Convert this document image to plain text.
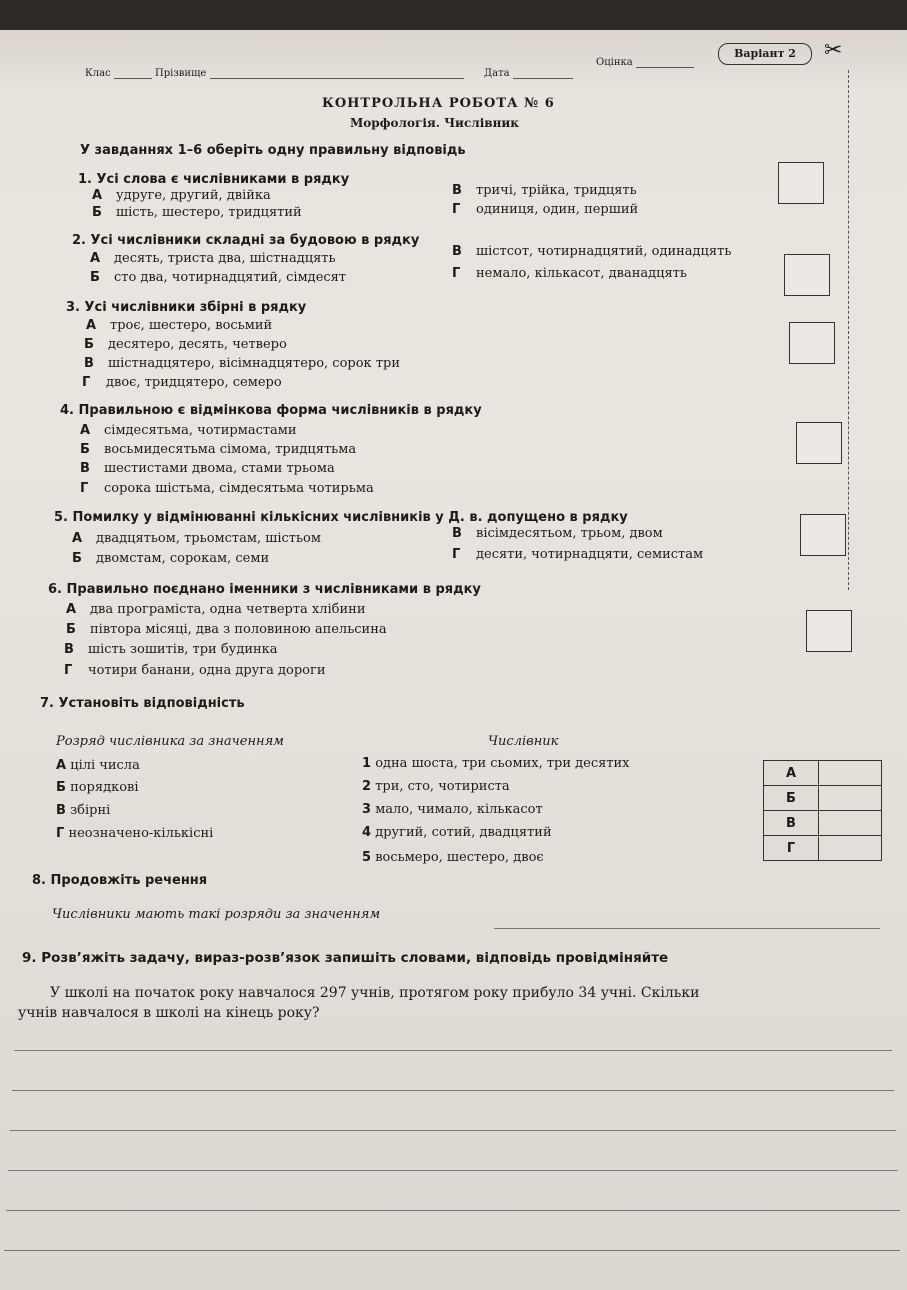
Клас	Прізвище	Дата
Оцінка
Варіант 2	✂
КОНТРОЛЬНА РОБОТА № 6
Морфологія. Числівник
У завданнях 1–6 оберіть одну правильну відповідь
1. Усі слова є числівниками в рядку
А удруге, другий, двійка
Б шість, шестеро, тридцятий
В тричі, трійка, тридцять
Г одиниця, один, перший
2. Усі числівники складні за будовою в рядку
А десять, триста два, шістнадцять
Б сто два, чотирнадцятий, сімдесят
В шістсот, чотирнадцятий, одинадцять
Г немало, кількасот, дванадцять
3. Усі числівники збірні в рядку
А троє, шестеро, восьмий
Б десятеро, десять, четверо
В шістнадцятеро, вісімнадцятеро, сорок три
Г двоє, тридцятеро, семеро
4. Правильною є відмінкова форма числівників в рядку
А сімдесятьма, чотирмастами
Б восьмидесятьма сімома, тридцятьма
В шестистами двома, стами трьома
Г сорока шістьма, сімдесятьма чотирьма
5. Помилку у відмінюванні кількісних числівників у Д. в. допущено в рядку
А двадцятьом, трьомстам, шістьом
Б двомстам, сорокам, семи
В вісімдесятьом, трьом, двом
Г десяти, чотирнадцяти, семистам
6. Правильно поєднано іменники з числівниками в рядку
А два програміста, одна четверта хлібини
Б півтора місяці, два з половиною апельсина
В шість зошитів, три будинка
Г чотири банани, одна друга дороги
7. Установіть відповідність
Розряд числівника за значенням	Числівник
А цілі числа
Б порядкові
В збірні
Г неозначено-кількісні
1 одна шоста, три сьомих, три десятих
2 три, сто, чотириста
3 мало, чимало, кількасот
4 другий, сотий, двадцятий
5 восьмеро, шестеро, двоє
А	
Б	
В	
Г	
8. Продовжіть речення
Числівники мають такі розряди за значенням
9. Розв’яжіть задачу, вираз-розв’язок запишіть словами, відповідь провідміняйте
У школі на початок року навчалося 297 учнів, протягом року прибуло 34 учні. Скільки
учнів навчалося в школі на кінець року?
